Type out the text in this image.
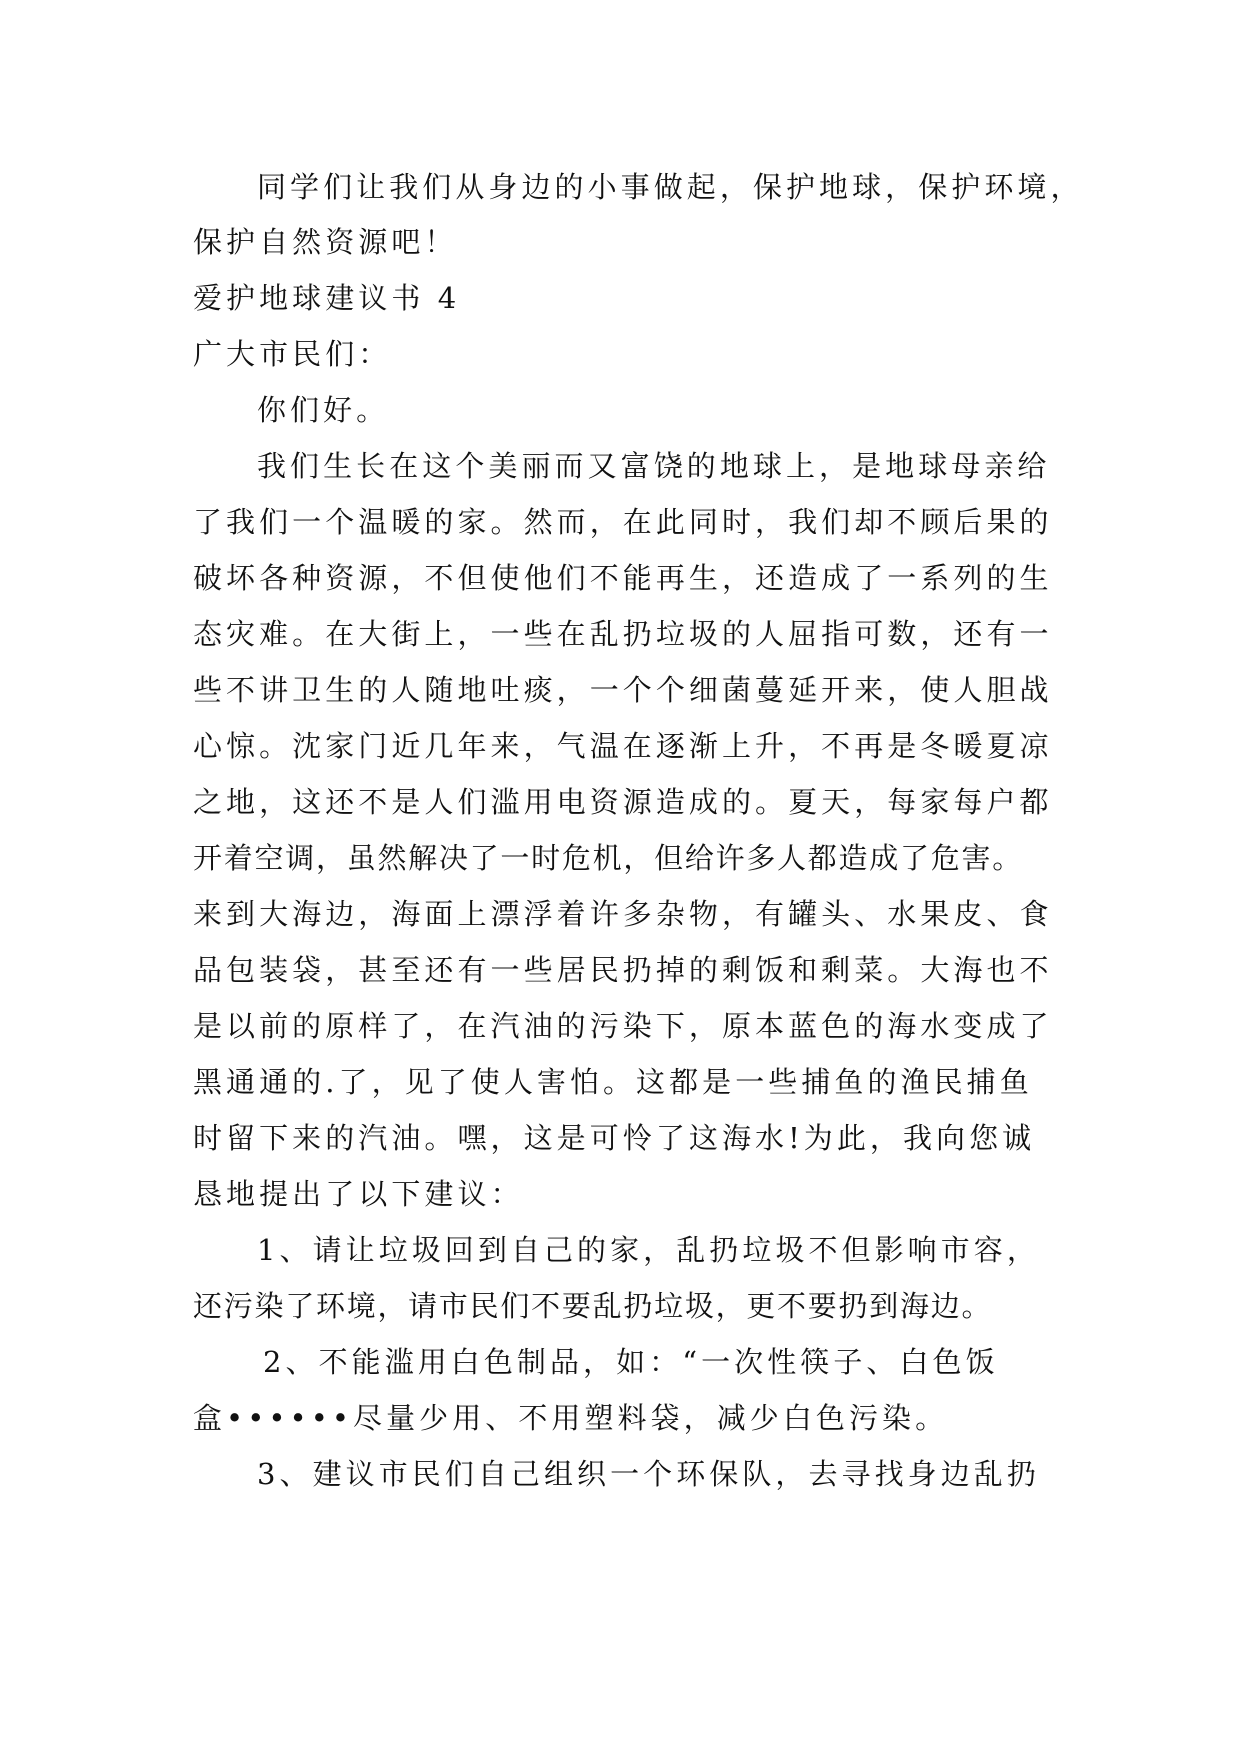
同学们让我们从身边的小事做起，保护地球，保护环境，
保护自然资源吧！
爱护地球建议书 4
广大市民们：
你们好。
我们生长在这个美丽而又富饶的地球上，是地球母亲给
了我们一个温暖的家。然而，在此同时，我们却不顾后果的
破坏各种资源，不但使他们不能再生，还造成了一系列的生
态灾难。在大街上，一些在乱扔垃圾的人屈指可数，还有一
些不讲卫生的人随地吐痰，一个个细菌蔓延开来，使人胆战
心惊。沈家门近几年来，气温在逐渐上升，不再是冬暖夏凉
之地，这还不是人们滥用电资源造成的。夏天，每家每户都
开着空调，虽然解决了一时危机，但给许多人都造成了危害。
来到大海边，海面上漂浮着许多杂物，有罐头、水果皮、食
品包装袋，甚至还有一些居民扔掉的剩饭和剩菜。大海也不
是以前的原样了，在汽油的污染下，原本蓝色的海水变成了
黑通通的.了，见了使人害怕。这都是一些捕鱼的渔民捕鱼
时留下来的汽油。嘿，这是可怜了这海水!为此，我向您诚
恳地提出了以下建议：
1、请让垃圾回到自己的家，乱扔垃圾不但影响市容，
还污染了环境，请市民们不要乱扔垃圾，更不要扔到海边。
2、不能滥用白色制品，如：“一次性筷子、白色饭
盒••••••尽量少用、不用塑料袋，减少白色污染。
3、建议市民们自己组织一个环保队，去寻找身边乱扔
